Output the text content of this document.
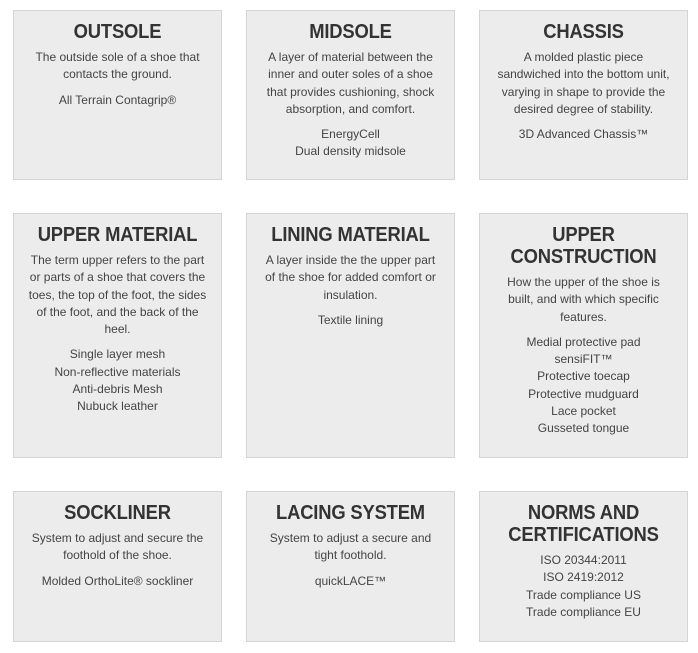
OUTSOLE
The outside sole of a shoe that contacts the ground.
All Terrain Contagrip®
MIDSOLE
A layer of material between the inner and outer soles of a shoe that provides cushioning, shock absorption, and comfort.
EnergyCell
Dual density midsole
CHASSIS
A molded plastic piece sandwiched into the bottom unit, varying in shape to provide the desired degree of stability.
3D Advanced Chassis™
UPPER MATERIAL
The term upper refers to the part or parts of a shoe that covers the toes, the top of the foot, the sides of the foot, and the back of the heel.
Single layer mesh
Non-reflective materials
Anti-debris Mesh
Nubuck leather
LINING MATERIAL
A layer inside the the upper part of the shoe for added comfort or insulation.
Textile lining
UPPER CONSTRUCTION
How the upper of the shoe is built, and with which specific features.
Medial protective pad
sensiFIT™
Protective toecap
Protective mudguard
Lace pocket
Gusseted tongue
SOCKLINER
System to adjust and secure the foothold of the shoe.
Molded OrthoLite® sockliner
LACING SYSTEM
System to adjust a secure and tight foothold.
quickLACE™
NORMS AND CERTIFICATIONS
ISO 20344:2011
ISO 2419:2012
Trade compliance US
Trade compliance EU
